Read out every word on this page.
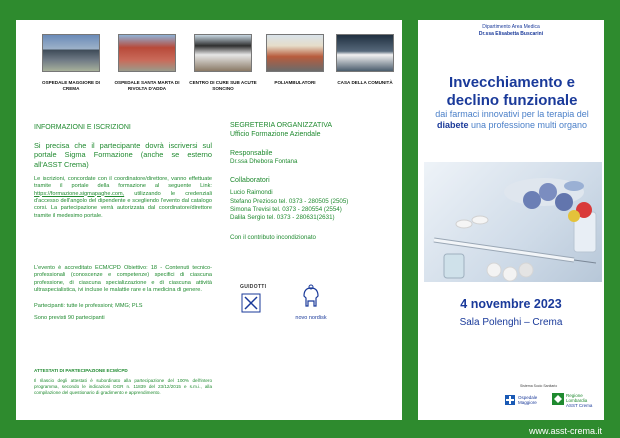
OSPEDALE MAGGIORE DI CREMA
OSPEDALE SANTA MARTA DI RIVOLTA D'ADDA
CENTRO DI CURE SUB ACUTE SONCINO
POLIAMBULATORI	CASA DELLA COMUNITÀ
INFORMAZIONI E ISCRIZIONI
Si precisa che il partecipante dovrà iscriversi sul portale Sigma Formazione (anche se esterno all'ASST Crema)
Le iscrizioni, concordate con il coordinatore/direttore, vanno effettuate tramite il portale della formazione al seguente Link: https://formazione.sigmapaghe.com, utilizzando le credenziali d'accesso dell'angolo del dipendente e scegliendo l'evento dal catalogo corsi. La partecipazione verrà autorizzata dal coordinatore/direttore tramite il medesimo portale.
L'evento è accreditato ECM/CPD Obiettivo: 18 - Contenuti tecnico-professionali (conoscenze e competenze) specifici di ciascuna professione, di ciascuna specializzazione e di ciascuna attività ultraspecialistica, ivi incluse le malattie rare e la medicina di genere.
Partecipanti: tutte le professioni; MMG; PLS
Sono previsti 90 partecipanti
ATTESTATI DI PARTECIPAZIONE ECM/CPD
Il rilascio degli attestati è subordinato alla partecipazione del 100% dell'intero programma, secondo le indicazioni DGR n. 11839 del 23/12/2015 e s.m.i., alla compilazione del questionario di gradimento e apprendimento.
SEGRETERIA ORGANIZZATIVA
Ufficio Formazione Aziendale
Responsabile
Dr.ssa Dhebora Fontana
Collaboratori
Lucio Raimondi
Stefano Prezioso tel. 0373 - 280505 (2505)
Simona Trevisi tel. 0373 - 280554 (2554)
Dalila Sergio tel. 0373 - 280631(2631)
Con il contributo incondizionato
GUIDOTTI
novo nordisk
Dipartimento Area Medica
Dr.ssa Elisabetta Buscarini
Invecchiamento e declino funzionale
dai farmaci innovativi per la terapia del diabete una professione multi organo
4 novembre 2023
Sala Polenghi – Crema
Sistema Socio Sanitario
Ospedale Maggiore
Regione
Lombardia
ASST Crema
www.asst-crema.it
